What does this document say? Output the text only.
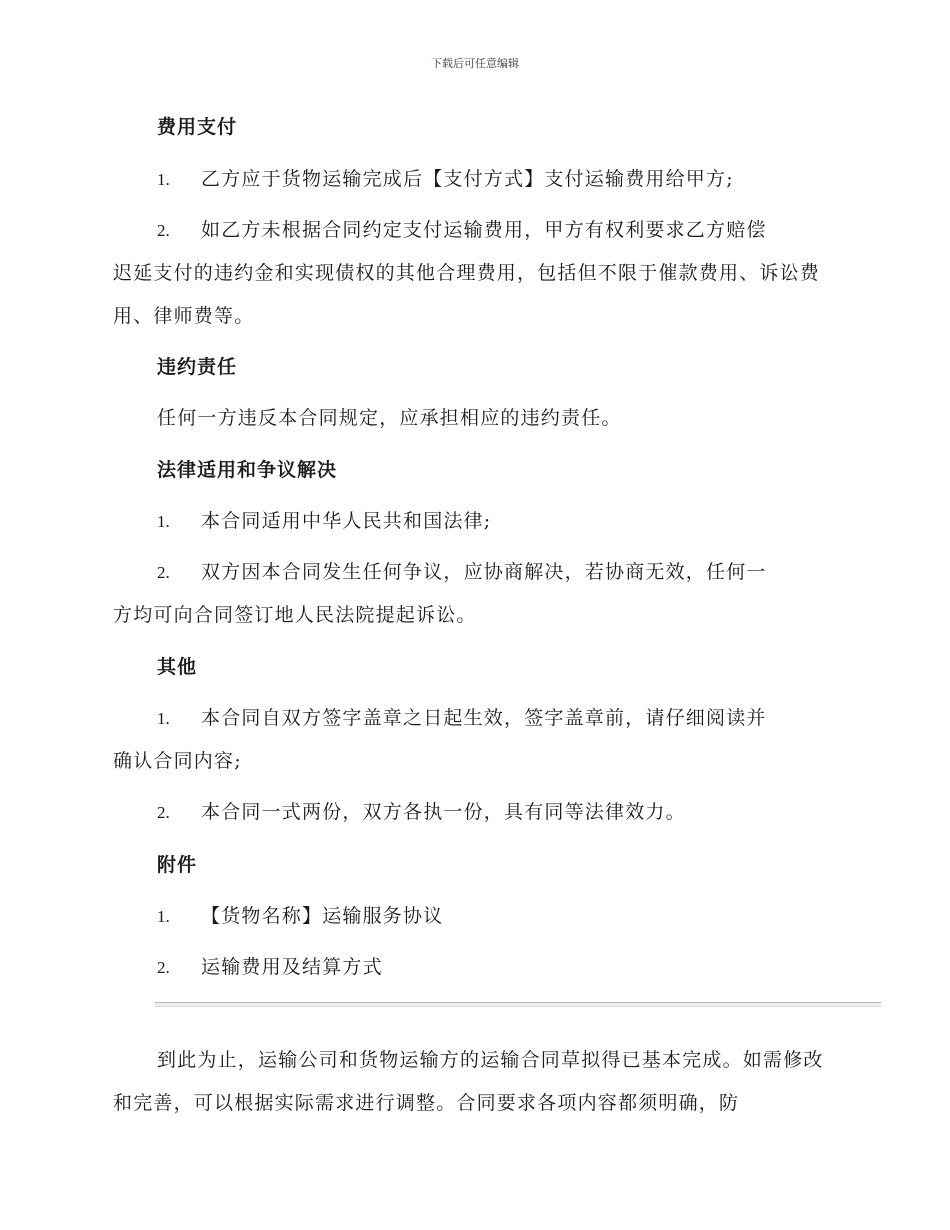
下载后可任意编辑
费用支付
1. 乙方应于货物运输完成后【支付方式】支付运输费用给甲方;
2. 如乙方未根据合同约定支付运输费用，甲方有权利要求乙方赔偿
迟延支付的违约金和实现债权的其他合理费用，包括但不限于催款费用、诉讼费用、律师费等。
违约责任
任何一方违反本合同规定，应承担相应的违约责任。
法律适用和争议解决
1. 本合同适用中华人民共和国法律;
2. 双方因本合同发生任何争议，应协商解决，若协商无效，任何一
方均可向合同签订地人民法院提起诉讼。
其他
1. 本合同自双方签字盖章之日起生效，签字盖章前，请仔细阅读并
确认合同内容;
2. 本合同一式两份，双方各执一份，具有同等法律效力。
附件
1. 【货物名称】运输服务协议
2. 运输费用及结算方式
到此为止，运输公司和货物运输方的运输合同草拟得已基本完成。如需修改和完善，可以根据实际需求进行调整。合同要求各项内容都须明确，防
